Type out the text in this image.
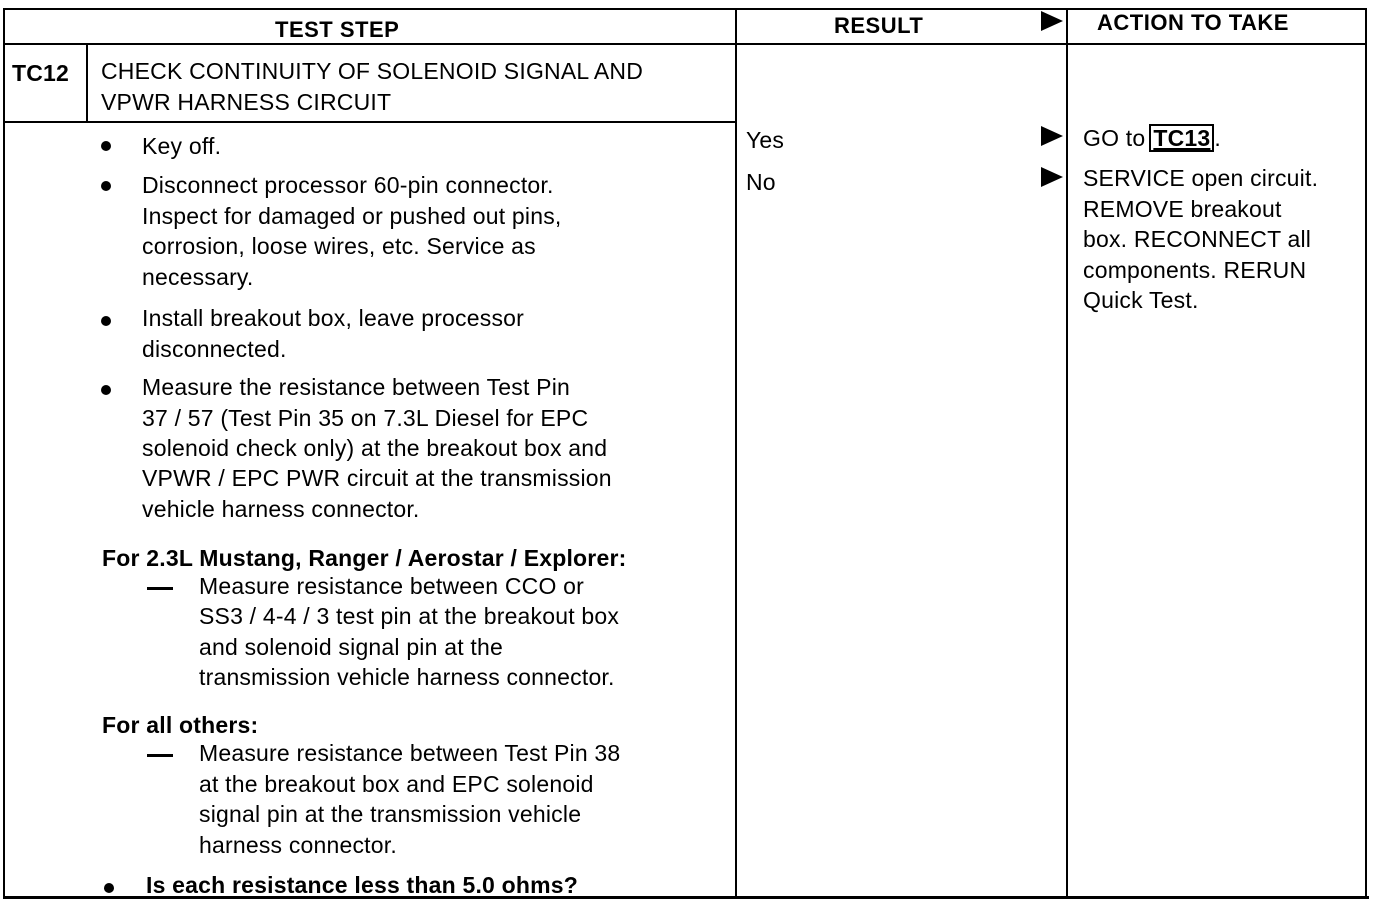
TEST STEP	RESULT	ACTION TO TAKE
TC12 CHECK CONTINUITY OF SOLENOID SIGNAL AND
VPWR HARNESS CIRCUIT
Key off.
Disconnect processor 60-pin connector.
Inspect for damaged or pushed out pins,
corrosion, loose wires, etc. Service as
necessary.
Install breakout box, leave processor
disconnected.
Measure the resistance between Test Pin
37 / 57 (Test Pin 35 on 7.3L Diesel for EPC
solenoid check only) at the breakout box and
VPWR / EPC PWR circuit at the transmission
vehicle harness connector.
For 2.3L Mustang, Ranger / Aerostar / Explorer:
Measure resistance between CCO or
SS3 / 4-4 / 3 test pin at the breakout box
and solenoid signal pin at the
transmission vehicle harness connector.
For all others:
Measure resistance between Test Pin 38
at the breakout box and EPC solenoid
signal pin at the transmission vehicle
harness connector.
Is each resistance less than 5.0 ohms?
Yes
No
GO to TC13 .
SERVICE open circuit.
REMOVE breakout
box. RECONNECT all
components. RERUN
Quick Test.
